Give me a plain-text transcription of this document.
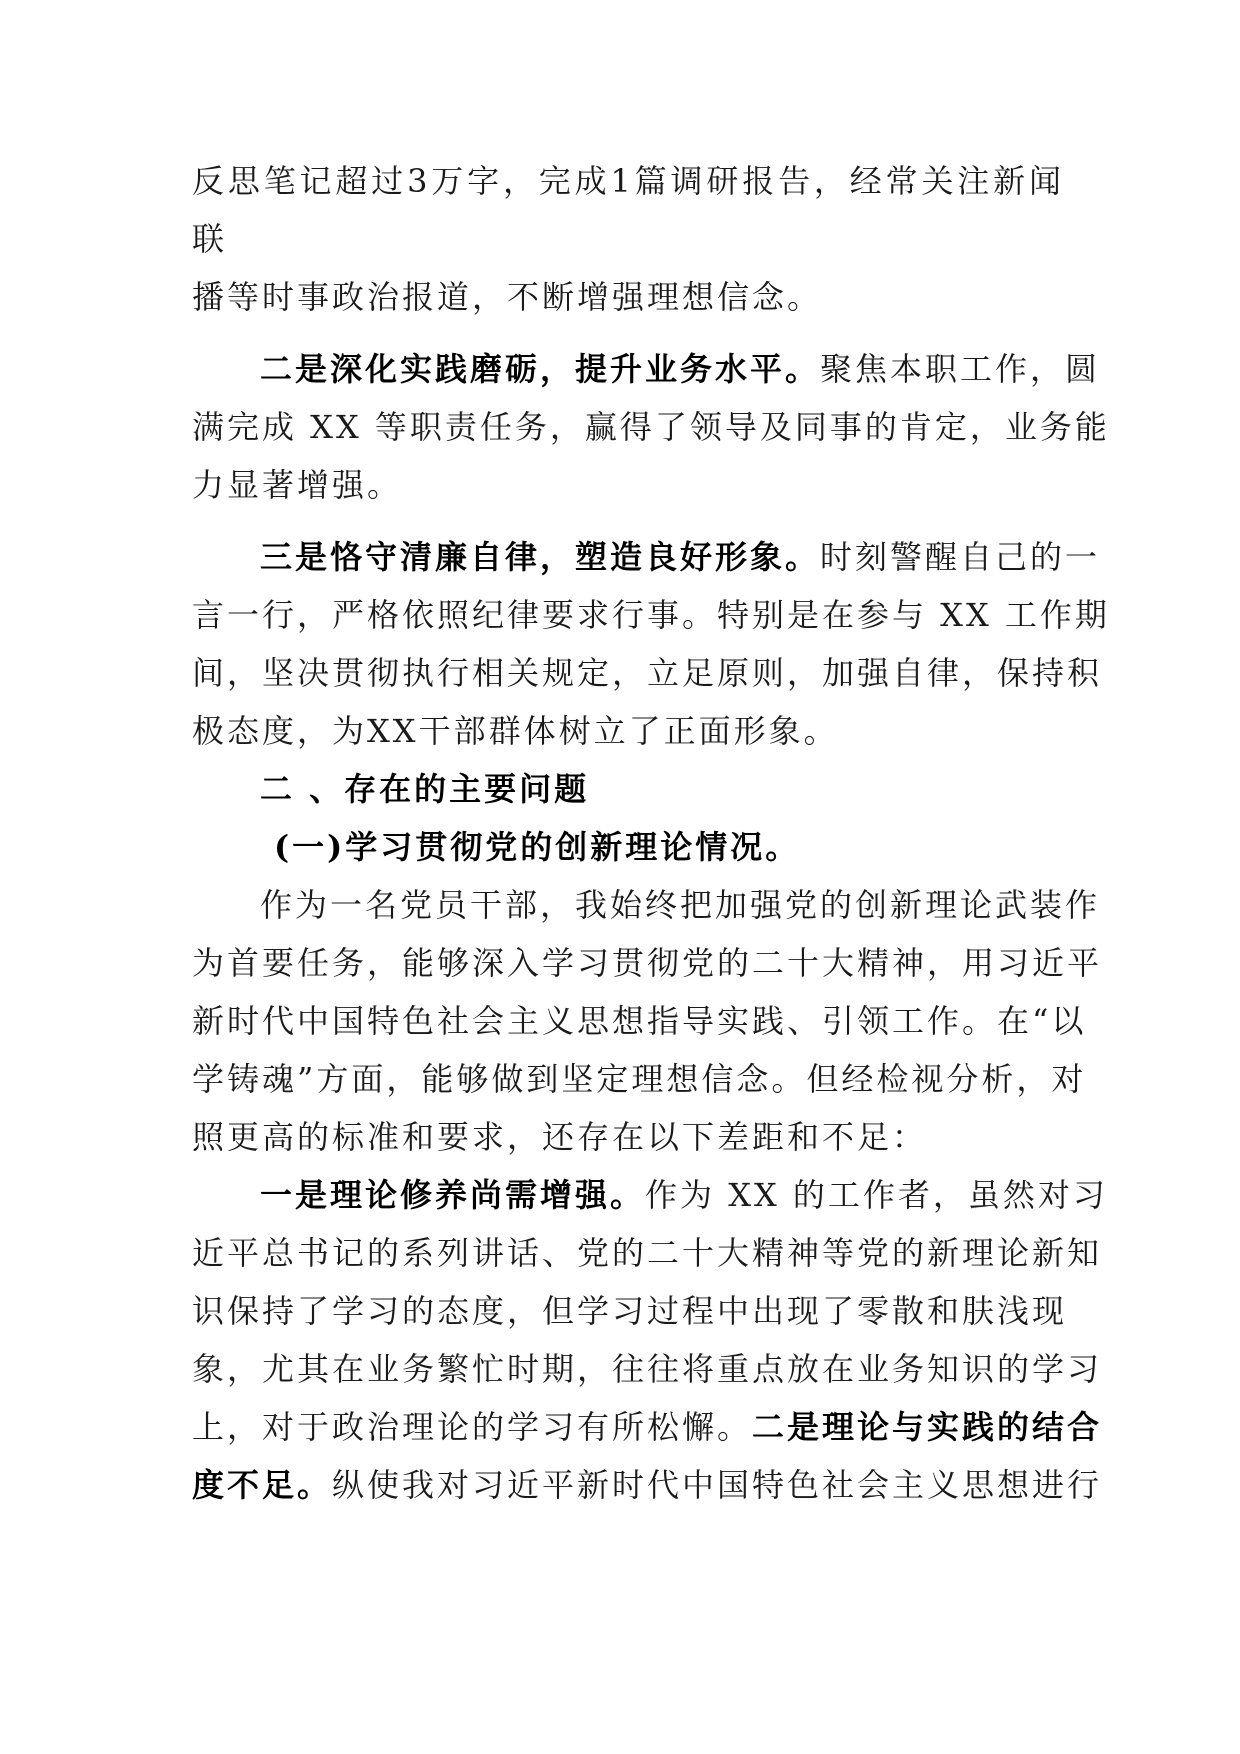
反思笔记超过3万字，完成1篇调研报告，经常关注新闻
联
播等时事政治报道，不断增强理想信念。
二是深化实践磨砺，提升业务水平。聚焦本职工作，圆
满完成 XX 等职责任务，赢得了领导及同事的肯定，业务能
力显著增强。
三是恪守清廉自律，塑造良好形象。时刻警醒自己的一
言一行，严格依照纪律要求行事。特别是在参与 XX 工作期
间，坚决贯彻执行相关规定，立足原则，加强自律，保持积
极态度，为XX干部群体树立了正面形象。
二 、存在的主要问题
(一)学习贯彻党的创新理论情况。
作为一名党员干部，我始终把加强党的创新理论武装作
为首要任务，能够深入学习贯彻党的二十大精神，用习近平
新时代中国特色社会主义思想指导实践、引领工作。在“以
学铸魂”方面，能够做到坚定理想信念。但经检视分析，对
照更高的标准和要求，还存在以下差距和不足：
一是理论修养尚需增强。作为 XX 的工作者，虽然对习
近平总书记的系列讲话、党的二十大精神等党的新理论新知
识保持了学习的态度，但学习过程中出现了零散和肤浅现
象，尤其在业务繁忙时期，往往将重点放在业务知识的学习
上，对于政治理论的学习有所松懈。二是理论与实践的结合
度不足。纵使我对习近平新时代中国特色社会主义思想进行
